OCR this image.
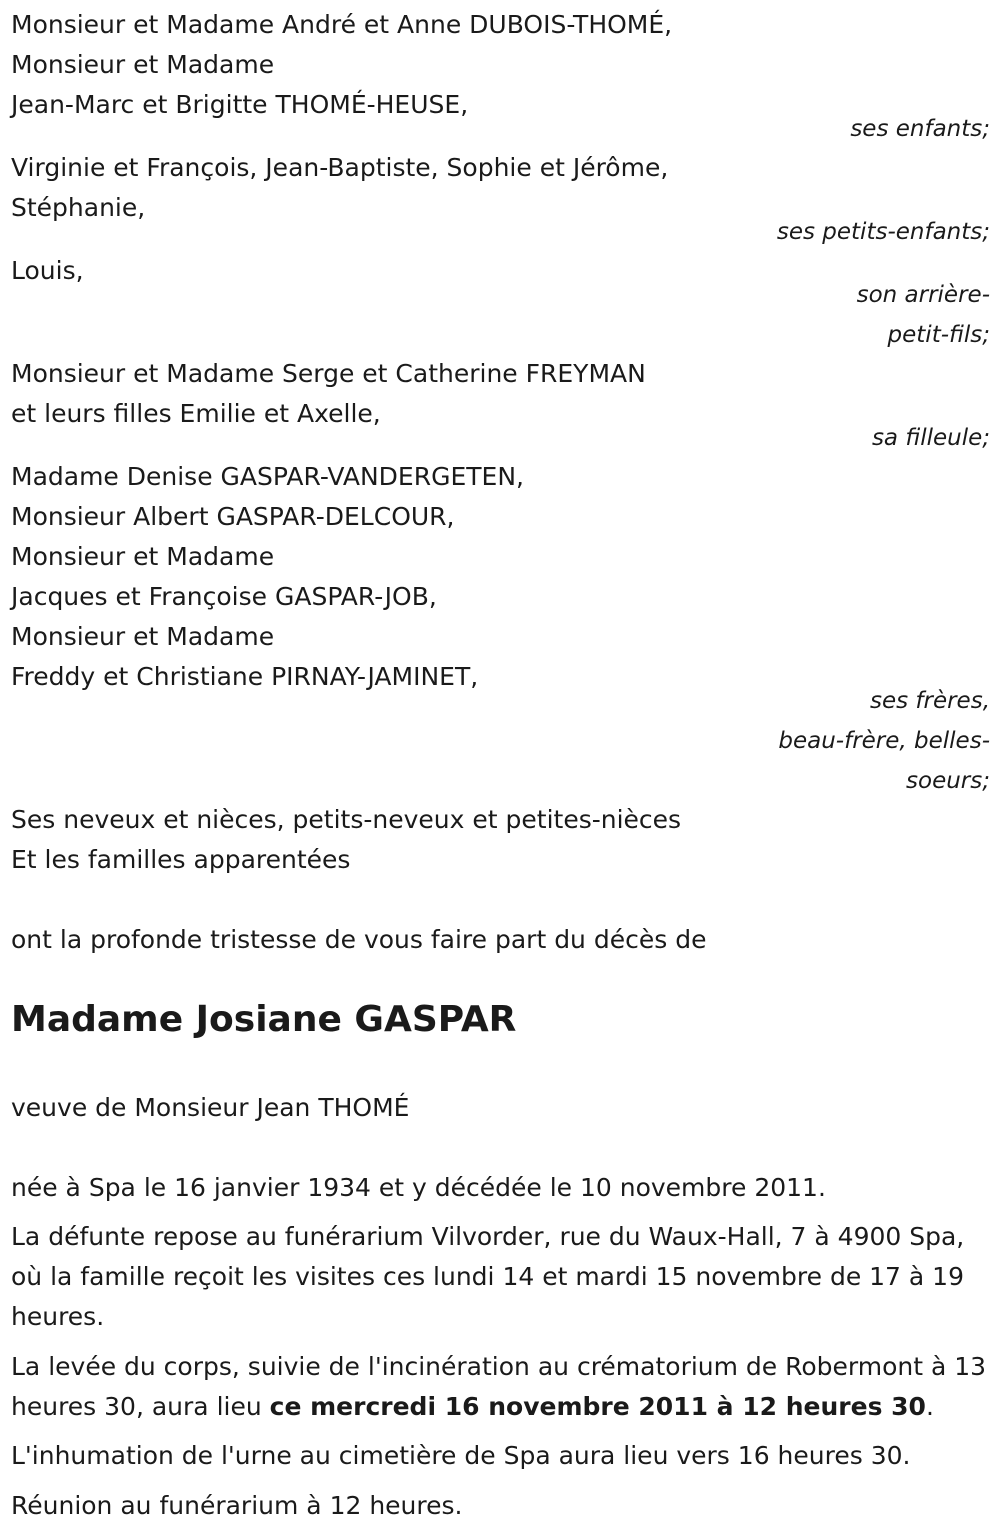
Monsieur et Madame André et Anne DUBOIS-THOMÉ,
Monsieur et Madame
Jean-Marc et Brigitte THOMÉ-HEUSE,
ses enfants;
Virginie et François, Jean-Baptiste, Sophie et Jérôme,
Stéphanie,
ses petits-enfants;
Louis,
son arrière-
petit-fils;
Monsieur et Madame Serge et Catherine FREYMAN
et leurs filles Emilie et Axelle,
sa filleule;
Madame Denise GASPAR-VANDERGETEN,
Monsieur Albert GASPAR-DELCOUR,
Monsieur et Madame
Jacques et Françoise GASPAR-JOB,
Monsieur et Madame
Freddy et Christiane PIRNAY-JAMINET,
ses frères,
beau-frère, belles-
soeurs;
Ses neveux et nièces, petits-neveux et petites-nièces
Et les familles apparentées
ont la profonde tristesse de vous faire part du décès de
Madame Josiane GASPAR
veuve de Monsieur Jean THOMÉ
née à Spa le 16 janvier 1934 et y décédée le 10 novembre 2011.
La défunte repose au funérarium Vilvorder, rue du Waux-Hall, 7 à 4900 Spa, où la famille reçoit les visites ces lundi 14 et mardi 15 novembre de 17 à 19 heures.
La levée du corps, suivie de l'incinération au crématorium de Robermont à 13 heures 30, aura lieu ce mercredi 16 novembre 2011 à 12 heures 30.
L'inhumation de l'urne au cimetière de Spa aura lieu vers 16 heures 30.
Réunion au funérarium à 12 heures.
